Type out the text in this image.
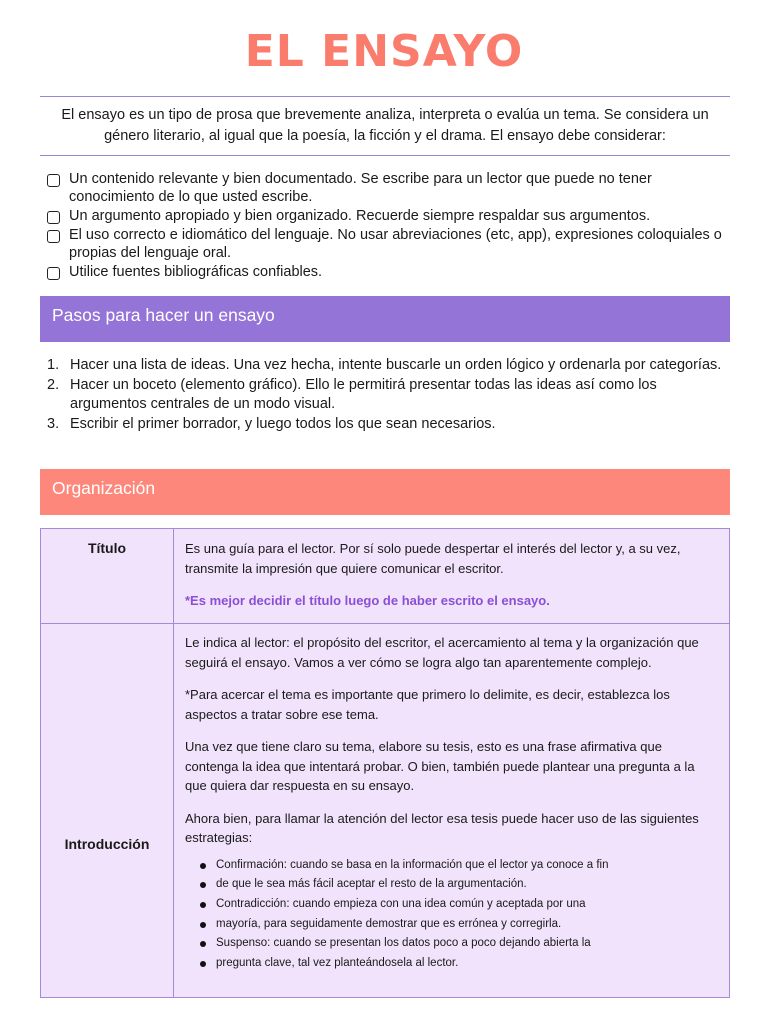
EL ENSAYO
El ensayo es un tipo de prosa que brevemente analiza, interpreta o evalúa un tema. Se considera un género literario, al igual que la poesía, la ficción y el drama. El ensayo debe considerar:
Un contenido relevante y bien documentado. Se escribe para un lector que puede no tener conocimiento de lo que usted escribe.
Un argumento apropiado y bien organizado. Recuerde siempre respaldar sus argumentos.
El uso correcto e idiomático del lenguaje. No usar abreviaciones (etc, app), expresiones coloquiales o propias del lenguaje oral.
Utilice fuentes bibliográficas confiables.
Pasos para hacer un ensayo
1. Hacer una lista de ideas. Una vez hecha, intente buscarle un orden lógico y ordenarla por categorías.
2. Hacer un boceto (elemento gráfico). Ello le permitirá presentar todas las ideas así como los argumentos centrales de un modo visual.
3. Escribir el primer borrador, y luego todos los que sean necesarios.
Organización
Título	Es una guía para el lector. Por sí solo puede despertar el interés del lector y, a su vez, transmite la impresión que quiere comunicar el escritor.

*Es mejor decidir el título luego de haber escrito el ensayo.

Introducción

Le indica al lector: el propósito del escritor, el acercamiento al tema y la organización que seguirá el ensayo. Vamos a ver cómo se logra algo tan aparentemente complejo.

*Para acercar el tema es importante que primero lo delimite, es decir, establezca los aspectos a tratar sobre ese tema.

Una vez que tiene claro su tema, elabore su tesis, esto es una frase afirmativa que contenga la idea que intentará probar. O bien, también puede plantear una pregunta a la que quiera dar respuesta en su ensayo.

Ahora bien, para llamar la atención del lector esa tesis puede hacer uso de las siguientes estrategias:

Confirmación: cuando se basa en la información que el lector ya conoce a fin
de que le sea más fácil aceptar el resto de la argumentación.
Contradicción: cuando empieza con una idea común y aceptada por una
mayoría, para seguidamente demostrar que es errónea y corregirla.
Suspenso: cuando se presentan los datos poco a poco dejando abierta la
pregunta clave, tal vez planteándosela al lector.
